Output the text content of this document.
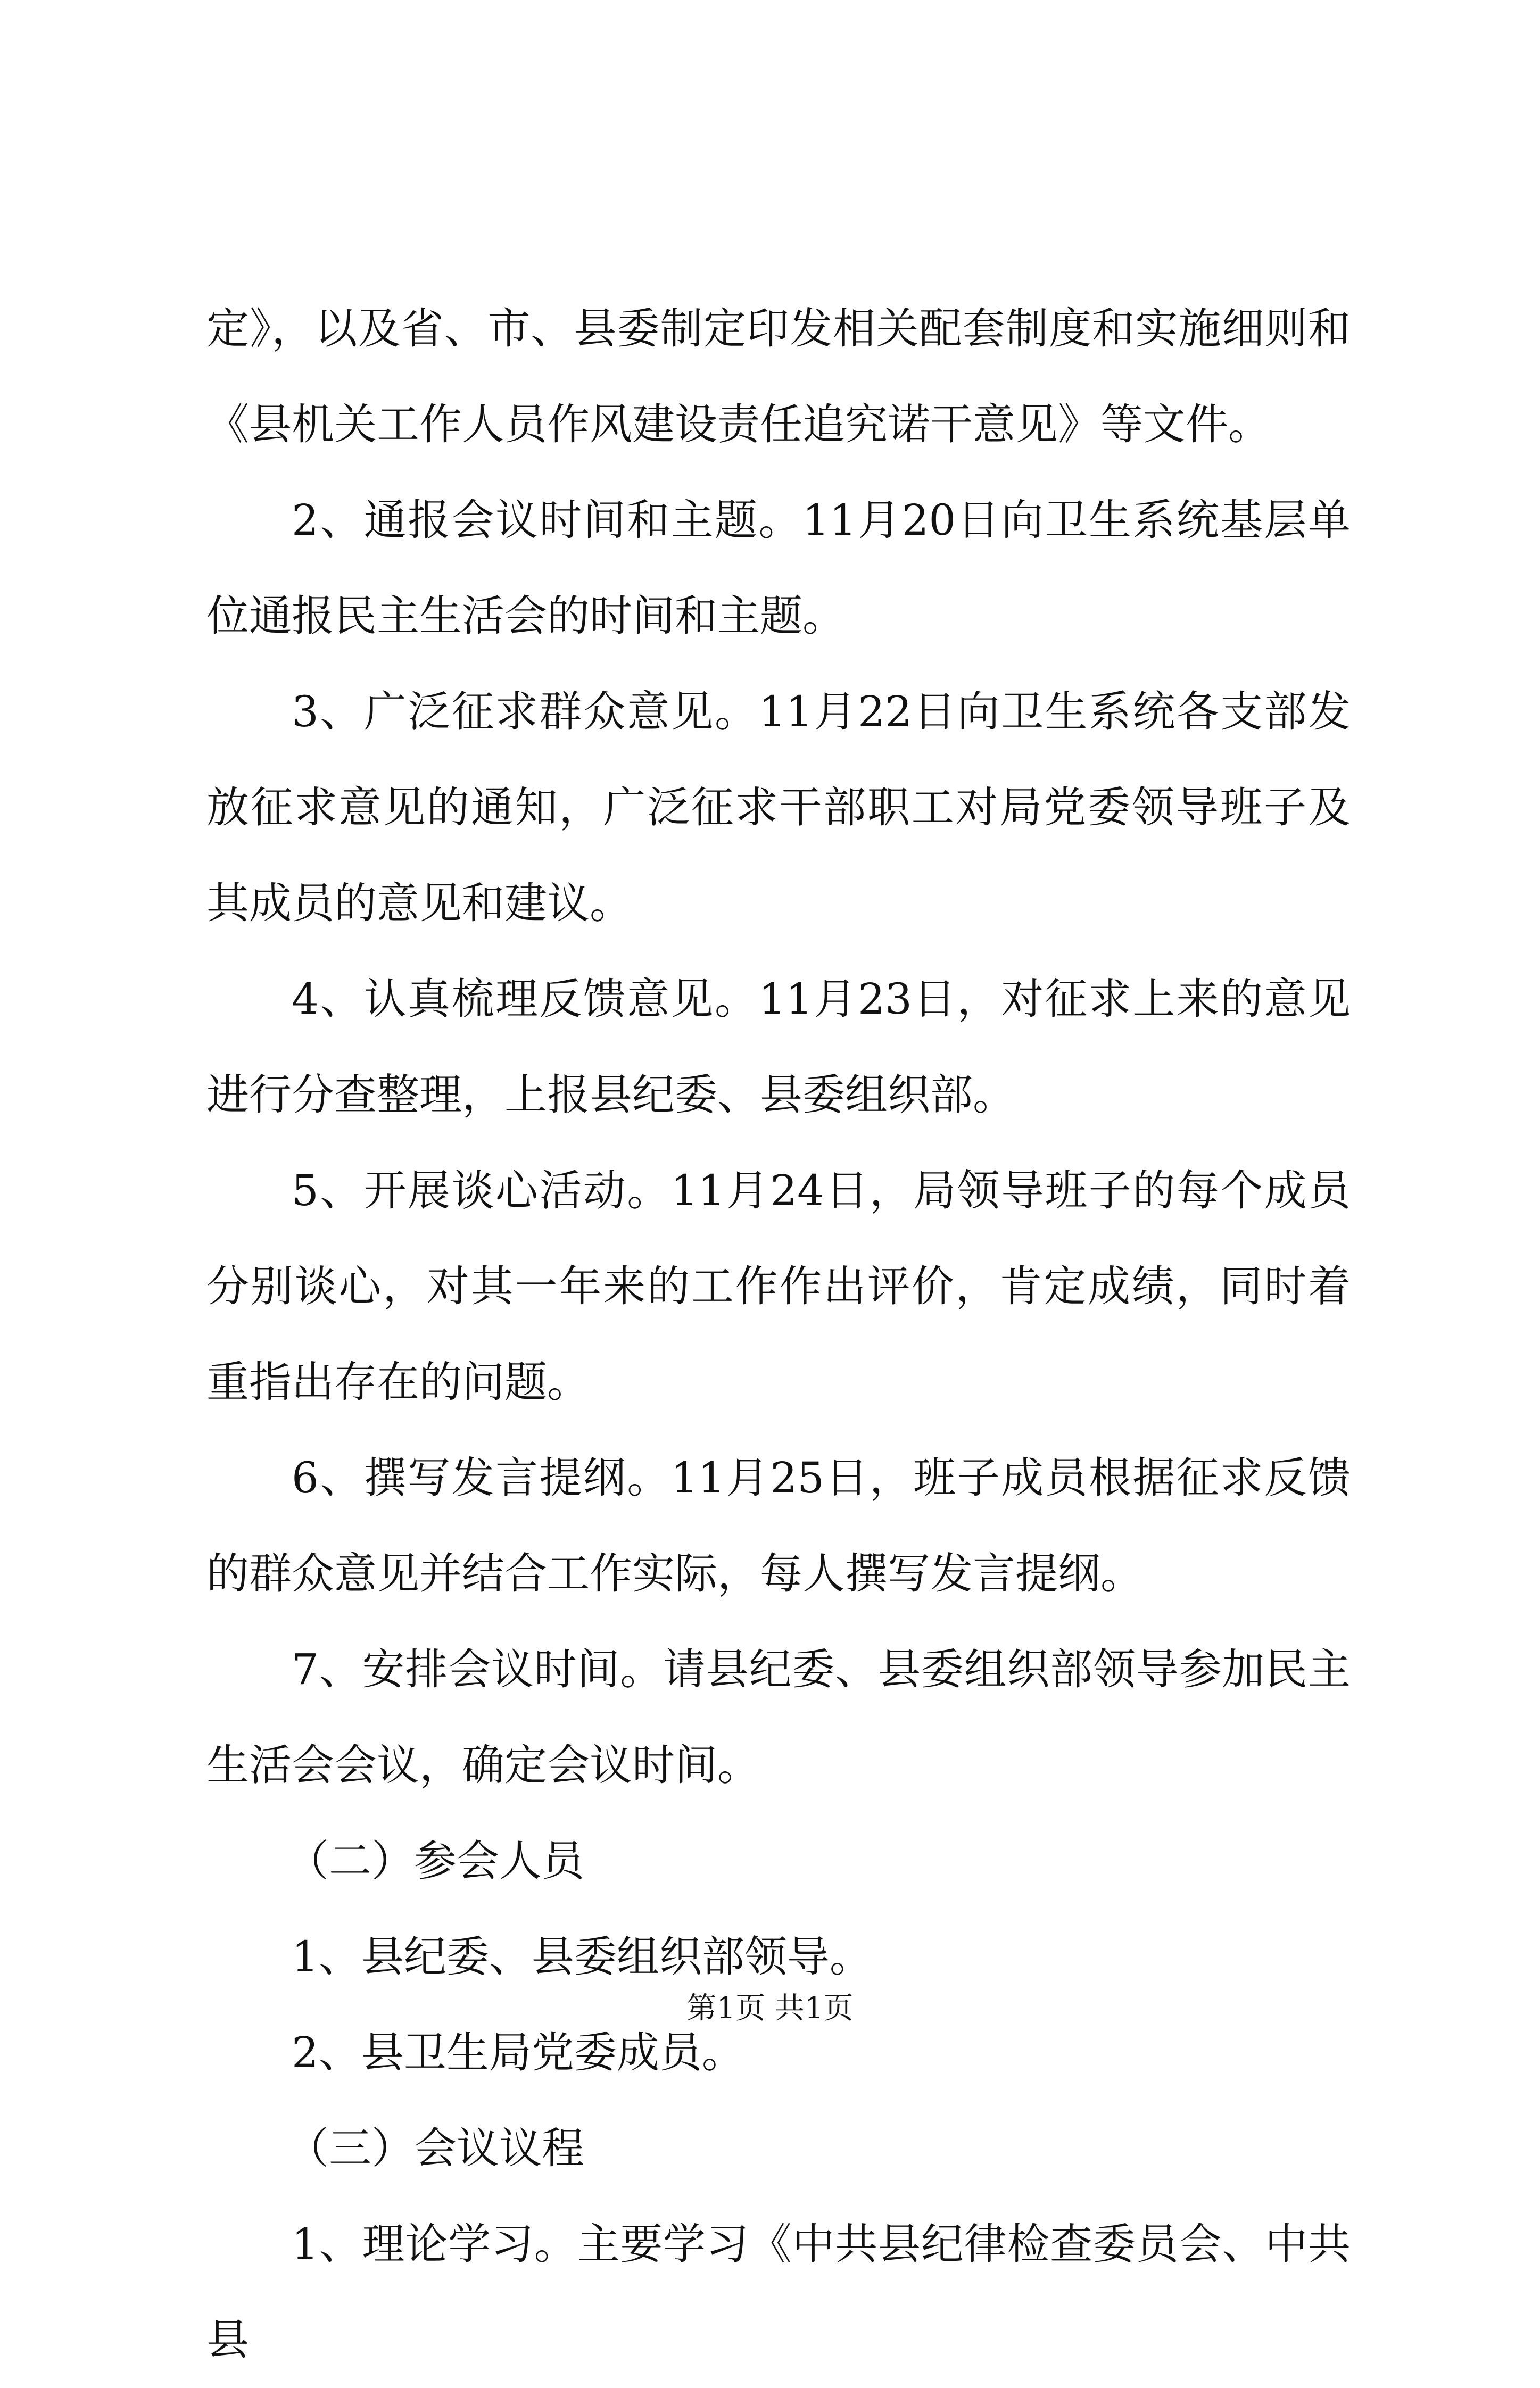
定》，以及省、市、县委制定印发相关配套制度和实施细则和《县机关工作人员作风建设责任追究诺干意见》等文件。

2、通报会议时间和主题。11月20日向卫生系统基层单位通报民主生活会的时间和主题。

3、广泛征求群众意见。11月22日向卫生系统各支部发放征求意见的通知，广泛征求干部职工对局党委领导班子及其成员的意见和建议。

4、认真梳理反馈意见。11月23日，对征求上来的意见进行分查整理，上报县纪委、县委组织部。

5、开展谈心活动。11月24日，局领导班子的每个成员分别谈心，对其一年来的工作作出评价，肯定成绩，同时着重指出存在的问题。

6、撰写发言提纲。11月25日，班子成员根据征求反馈的群众意见并结合工作实际，每人撰写发言提纲。

7、安排会议时间。请县纪委、县委组织部领导参加民主生活会会议，确定会议时间。

（二）参会人员

1、县纪委、县委组织部领导。

2、县卫生局党委成员。

（三）会议议程

1、理论学习。主要学习《中共县纪律检查委员会、中共县

第1页 共1页
